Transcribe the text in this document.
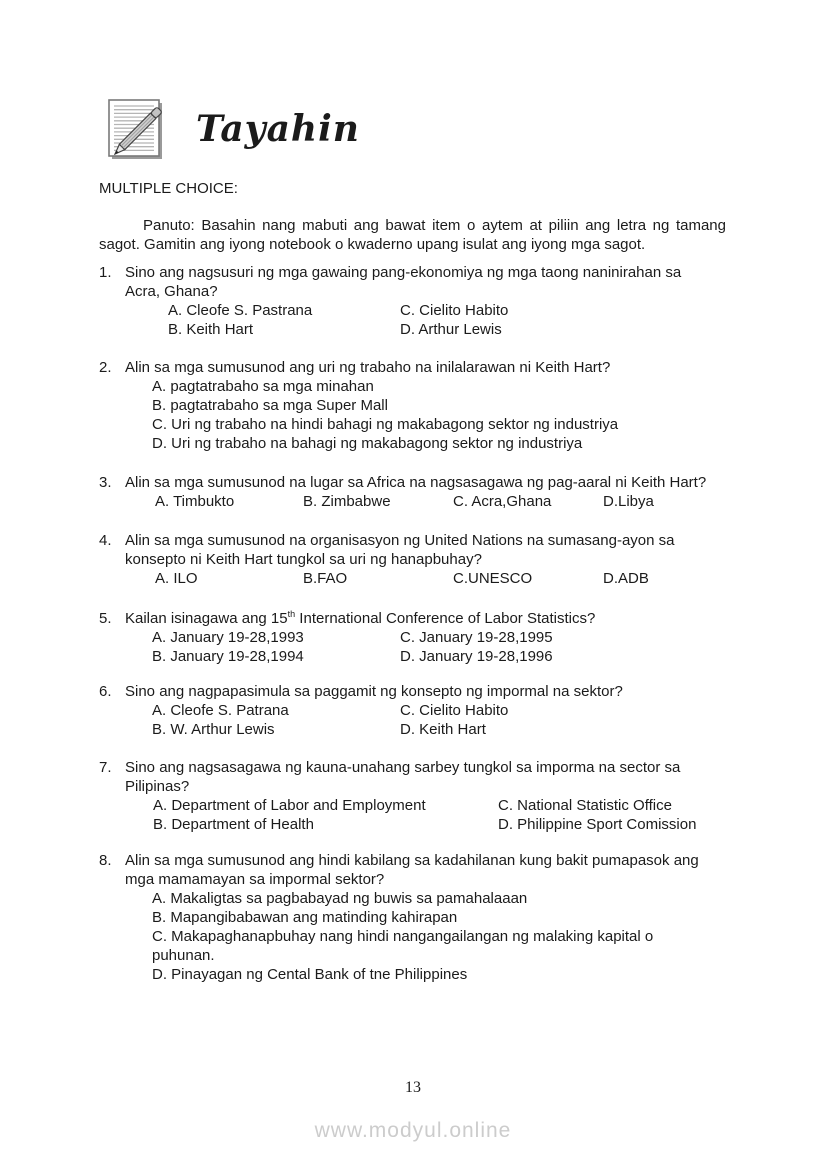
Tayahin
MULTIPLE CHOICE:
Panuto: Basahin nang mabuti ang bawat item o aytem at piliin ang letra ng tamang
sagot. Gamitin ang iyong notebook o kwaderno upang isulat ang iyong mga sagot.
1. Sino ang nagsusuri ng mga gawaing pang-ekonomiya ng mga taong naninirahan sa
Acra, Ghana?
A. Cleofe S. Pastrana	C. Cielito Habito
B. Keith Hart	D. Arthur Lewis
2. Alin sa mga sumusunod ang uri ng trabaho na inilalarawan ni Keith Hart?
A. pagtatrabaho sa mga minahan
B. pagtatrabaho sa mga Super Mall
C. Uri ng trabaho na hindi bahagi ng makabagong sektor ng industriya
D. Uri ng trabaho na bahagi ng makabagong sektor ng industriya
3. Alin sa mga sumusunod na lugar sa Africa na nagsasagawa ng pag-aaral ni Keith Hart?
A. Timbukto	B. Zimbabwe	C. Acra,Ghana	D.Libya
4. Alin sa mga sumusunod na organisasyon ng United Nations na sumasang-ayon sa
konsepto ni Keith Hart tungkol sa uri ng hanapbuhay?
A. ILO	B.FAO	C.UNESCO	D.ADB
5. Kailan isinagawa ang 15th International Conference of Labor Statistics?
A. January 19-28,1993	C. January 19-28,1995
B. January 19-28,1994	D. January 19-28,1996
6. Sino ang nagpapasimula sa paggamit ng konsepto ng impormal na sektor?
A. Cleofe S. Patrana	C. Cielito Habito
B. W. Arthur Lewis	D. Keith Hart
7. Sino ang nagsasagawa ng kauna-unahang sarbey tungkol sa imporma na sector sa
Pilipinas?
A. Department of Labor and Employment	C. National Statistic Office
B. Department of Health	D. Philippine Sport Comission
8. Alin sa mga sumusunod ang hindi kabilang sa kadahilanan kung bakit pumapasok ang
mga mamamayan sa impormal sektor?
A. Makaligtas sa pagbabayad ng buwis sa pamahalaaan
B. Mapangibabawan ang matinding kahirapan
C. Makapaghanapbuhay nang hindi nangangailangan ng malaking kapital o
puhunan.
D. Pinayagan ng Cental Bank of tne Philippines
13
www.modyul.online
